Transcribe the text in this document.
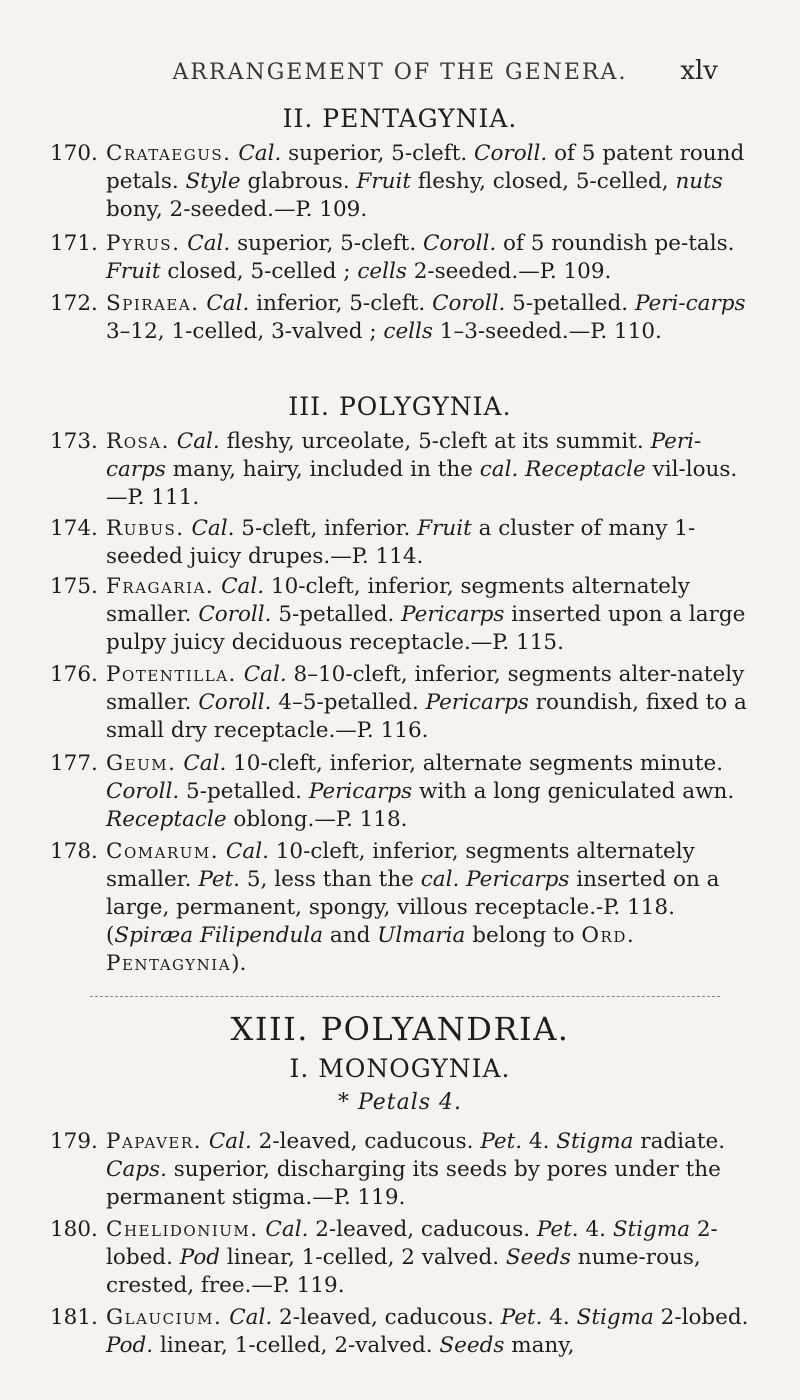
ARRANGEMENT OF THE GENERA.	xlv
II. PENTAGYNIA.
170. Crataegus. Cal. superior, 5-cleft. Coroll. of 5 patent round petals. Style glabrous. Fruit fleshy, closed, 5-celled, nuts bony, 2-seeded.—P. 109.
171. Pyrus. Cal. superior, 5-cleft. Coroll. of 5 roundish pe-tals. Fruit closed, 5-celled ; cells 2-seeded.—P. 109.
172. Spiraea. Cal. inferior, 5-cleft. Coroll. 5-petalled. Peri-carps 3–12, 1-celled, 3-valved ; cells 1–3-seeded.—P. 110.
III. POLYGYNIA.
173. Rosa. Cal. fleshy, urceolate, 5-cleft at its summit. Peri-carps many, hairy, included in the cal. Receptacle vil-lous.—P. 111.
174. Rubus. Cal. 5-cleft, inferior. Fruit a cluster of many 1-seeded juicy drupes.—P. 114.
175. Fragaria. Cal. 10-cleft, inferior, segments alternately smaller. Coroll. 5-petalled. Pericarps inserted upon a large pulpy juicy deciduous receptacle.—P. 115.
176. Potentilla. Cal. 8–10-cleft, inferior, segments alter-nately smaller. Coroll. 4–5-petalled. Pericarps roundish, fixed to a small dry receptacle.—P. 116.
177. Geum. Cal. 10-cleft, inferior, alternate segments minute. Coroll. 5-petalled. Pericarps with a long geniculated awn. Receptacle oblong.—P. 118.
178. Comarum. Cal. 10-cleft, inferior, segments alternately smaller. Pet. 5, less than the cal. Pericarps inserted on a large, permanent, spongy, villous receptacle.-P. 118. (Spiræa Filipendula and Ulmaria belong to Ord. Pentagynia).
XIII. POLYANDRIA.
I. MONOGYNIA.
* Petals 4.
179. Papaver. Cal. 2-leaved, caducous. Pet. 4. Stigma radiate. Caps. superior, discharging its seeds by pores under the permanent stigma.—P. 119.
180. Chelidonium. Cal. 2-leaved, caducous. Pet. 4. Stigma 2-lobed. Pod linear, 1-celled, 2 valved. Seeds nume-rous, crested, free.—P. 119.
181. Glaucium. Cal. 2-leaved, caducous. Pet. 4. Stigma 2-lobed. Pod. linear, 1-celled, 2-valved. Seeds many,
